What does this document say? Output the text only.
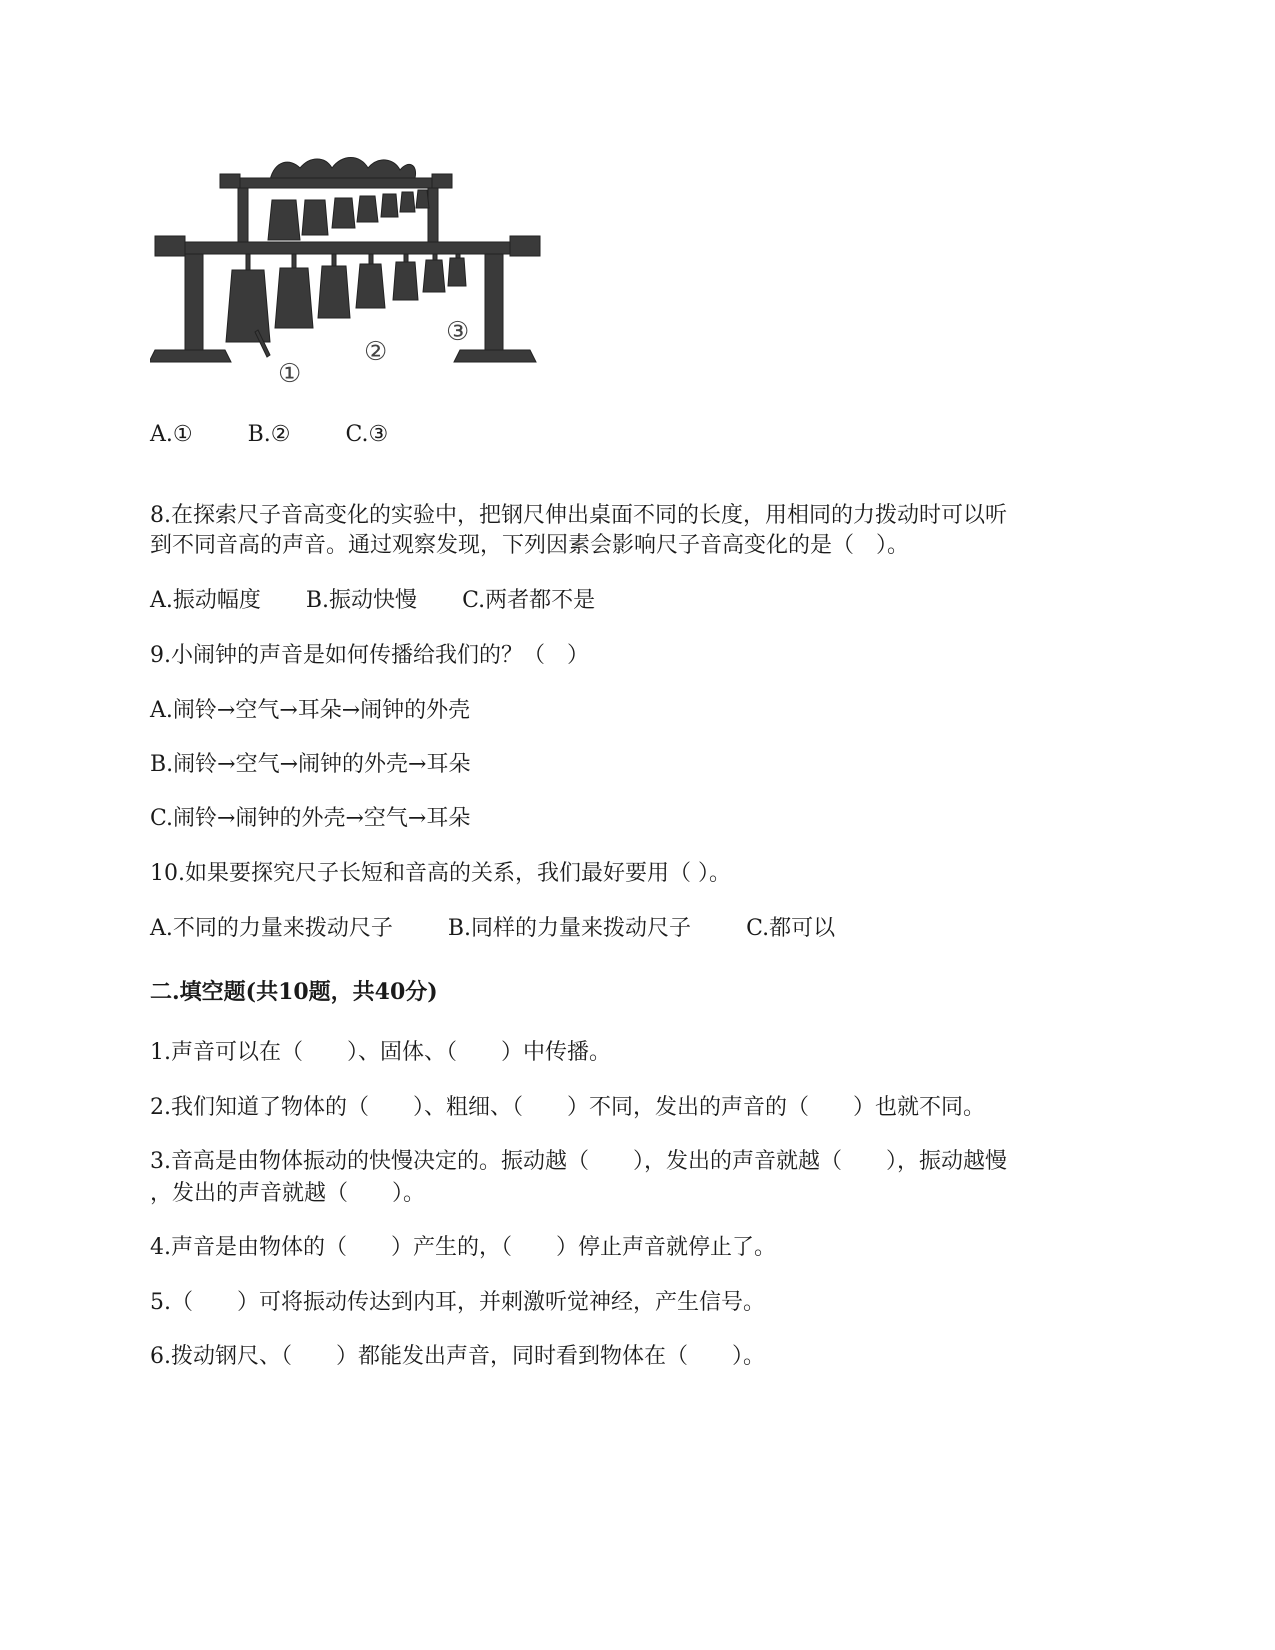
①
②
③
A.①	B.②	C.③
8.在探索尺子音高变化的实验中，把钢尺伸出桌面不同的长度，用相同的力拨动时可以听
到不同音高的声音。通过观察发现，下列因素会影响尺子音高变化的是（　）。
A.振动幅度 B.振动快慢 C.两者都不是
9.小闹钟的声音是如何传播给我们的？（　）
A.闹铃→空气→耳朵→闹钟的外壳
B.闹铃→空气→闹钟的外壳→耳朵
C.闹铃→闹钟的外壳→空气→耳朵
10.如果要探究尺子长短和音高的关系，我们最好要用（ ）。
A.不同的力量来拨动尺子	B.同样的力量来拨动尺子	C.都可以
二.填空题(共10题，共40分)
1.声音可以在（　　）、固体、（　　）中传播。
2.我们知道了物体的（　　）、粗细、（　　）不同，发出的声音的（　　）也就不同。
3.音高是由物体振动的快慢决定的。振动越（　　），发出的声音就越（　　），振动越慢
，发出的声音就越（　　）。
4.声音是由物体的（　　）产生的，（　　）停止声音就停止了。
5.（　　）可将振动传达到内耳，并刺激听觉神经，产生信号。
6.拨动钢尺、（　　）都能发出声音，同时看到物体在（　　）。
